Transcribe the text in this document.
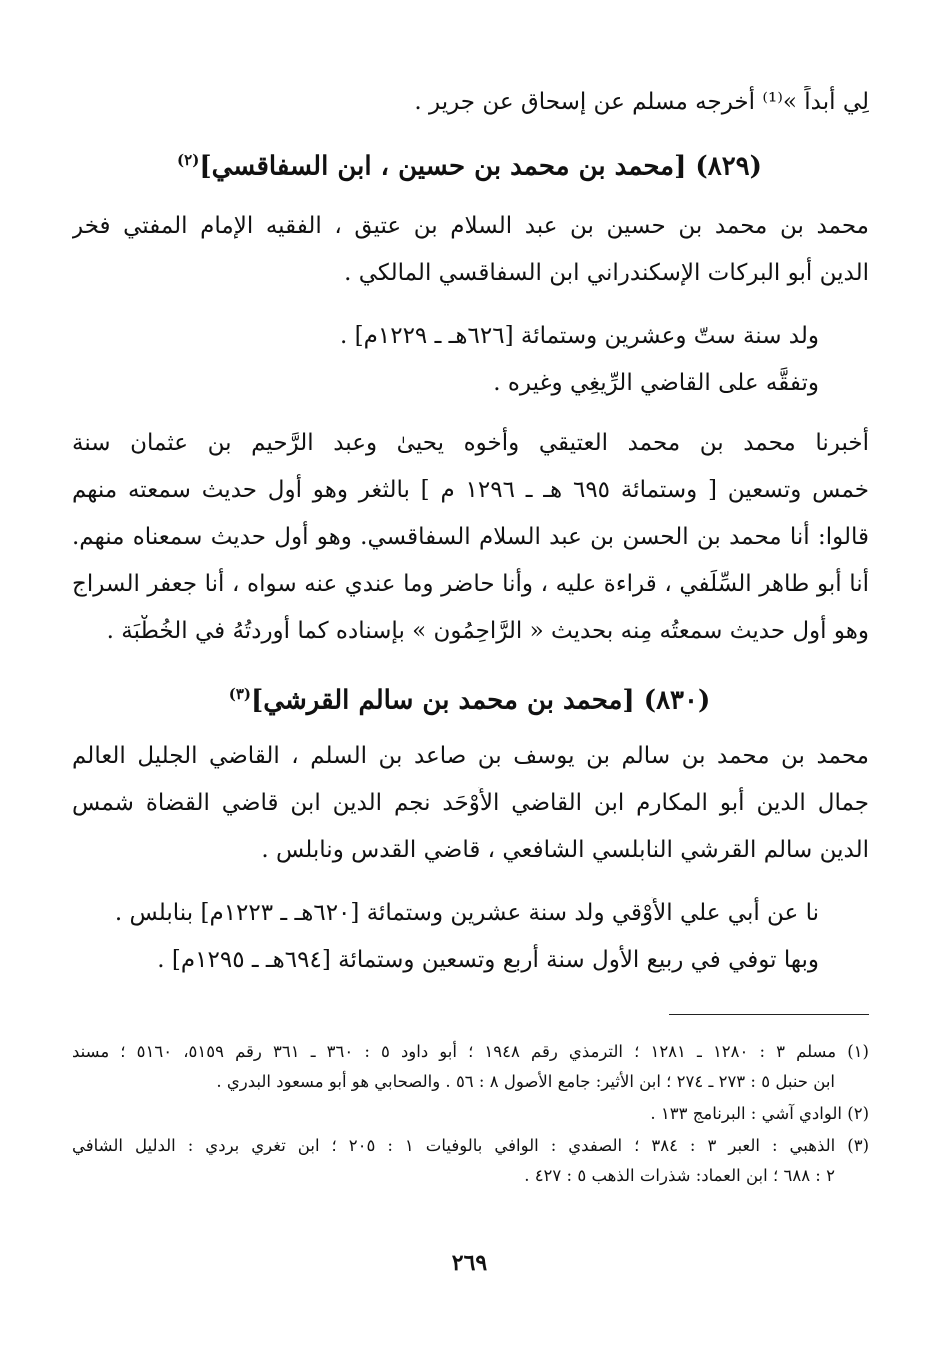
لِي أبداً »⁽¹⁾ أخرجه مسلم عن إسحاق عن جرير .
(٨٢٩) [محمد بن محمد بن حسين ، ابن السفاقسي]$^{(٢)}$
محمد بن محمد بن حسين بن عبد السلام بن عتيق ، الفقيه الإمام المفتي فخر
الدين أبو البركات الإسكندراني ابن السفاقسي المالكي .
ولد سنة ستّ وعشرين وستمائة [٦٢٦هـ ـ ١٢٢٩م] .
وتفقَّه على القاضي الرِّيغِي وغيره .
أخبرنا محمد بن محمد العتيقي وأخوه يحيىٰ وعبد الرَّحيم بن عثمان سنة
خمس وتسعين [ وستمائة ٦٩٥ هـ ـ ١٢٩٦ م ] بالثغر وهو أول حديث سمعته منهم
قالوا: أنا محمد بن الحسن بن عبد السلام السفاقسي. وهو أول حديث سمعناه منهم.
أنا أبو طاهر السِّلَفي ، قراءة عليه ، وأنا حاضر وما عندي عنه سواه ، أنا جعفر السراج
وهو أول حديث سمعتُه مِنه بحديث « الرَّاحِمُون » بإسناده كما أوردتُهُ في الخُطْبَة .
(٨٣٠) [محمد بن محمد بن سالم القرشي]$^{(٣)}$
محمد بن محمد بن سالم بن يوسف بن صاعد بن السلم ، القاضي الجليل العالم
جمال الدين أبو المكارم ابن القاضي الأَوْحَد نجم الدين ابن قاضي القضاة شمس
الدين سالم القرشي النابلسي الشافعي ، قاضي القدس ونابلس .
نا عن أبي علي الأَوْقي ولد سنة عشرين وستمائة [٦٢٠هـ ـ ١٢٢٣م] بنابلس .
وبها توفي في ربيع الأول سنة أربع وتسعين وستمائة [٦٩٤هـ ـ ١٢٩٥م] .
(١) مسلم ٣ : ١٢٨٠ ـ ١٢٨١ ؛ الترمذي رقم ١٩٤٨ ؛ أبو داود ٥ : ٣٦٠ ـ ٣٦١ رقم ٥١٥٩، ٥١٦٠ ؛ مسند
ابن حنبل ٥ : ٢٧٣ ـ ٢٧٤ ؛ ابن الأثير: جامع الأصول ٨ : ٥٦ . والصحابي هو أبو مسعود البدري .
(٢) الوادي آشي : البرنامج ١٣٣ .
(٣) الذهبي : العبر ٣ : ٣٨٤ ؛ الصفدي : الوافي بالوفيات ١ : ٢٠٥ ؛ ابن تغري بردي : الدليل الشافي
٢ : ٦٨٨ ؛ ابن العماد: شذرات الذهب ٥ : ٤٢٧ .
٢٦٩
